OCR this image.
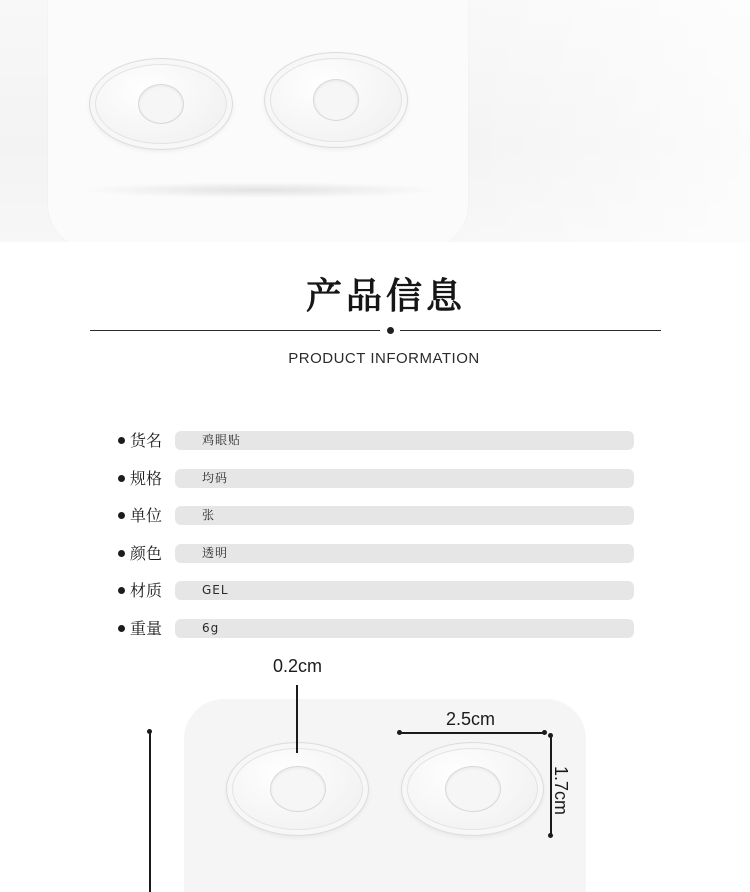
产品信息
PRODUCT INFORMATION
货名	鸡眼贴
规格	均码
单位	张
颜色	透明
材质	GEL
重量	6g
0.2cm
2.5cm
1.7cm
